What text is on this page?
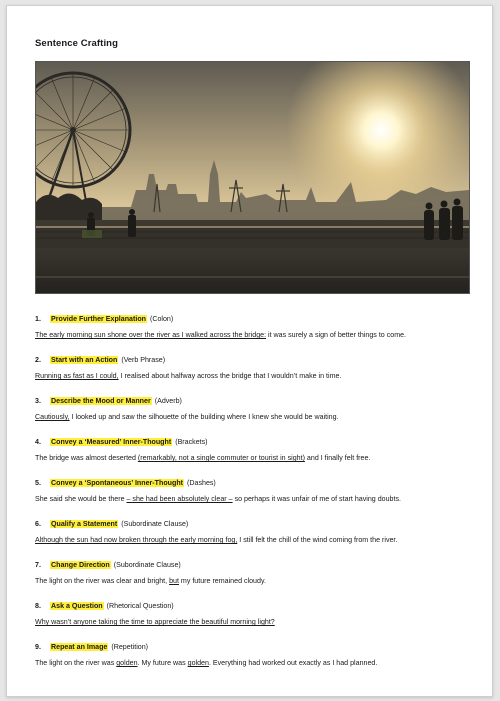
Sentence Crafting
1. Provide Further Explanation (Colon)
The early morning sun shone over the river as I walked across the bridge: it was surely a sign of better things to come.
2. Start with an Action (Verb Phrase)
Running as fast as I could, I realised about halfway across the bridge that I wouldn’t make in time.
3. Describe the Mood or Manner (Adverb)
Cautiously, I looked up and saw the silhouette of the building where I knew she would be waiting.
4. Convey a ‘Measured’ Inner-Thought (Brackets)
The bridge was almost deserted (remarkably, not a single commuter or tourist in sight) and I finally felt free.
5. Convey a ‘Spontaneous’ Inner-Thought (Dashes)
She said she would be there – she had been absolutely clear – so perhaps it was unfair of me of start having doubts.
6. Qualify a Statement (Subordinate Clause)
Although the sun had now broken through the early morning fog, I still felt the chill of the wind coming from the river.
7. Change Direction (Subordinate Clause)
The light on the river was clear and bright, but my future remained cloudy.
8. Ask a Question (Rhetorical Question)
Why wasn’t anyone taking the time to appreciate the beautiful morning light?
9. Repeat an Image (Repetition)
The light on the river was golden. My future was golden. Everything had worked out exactly as I had planned.
